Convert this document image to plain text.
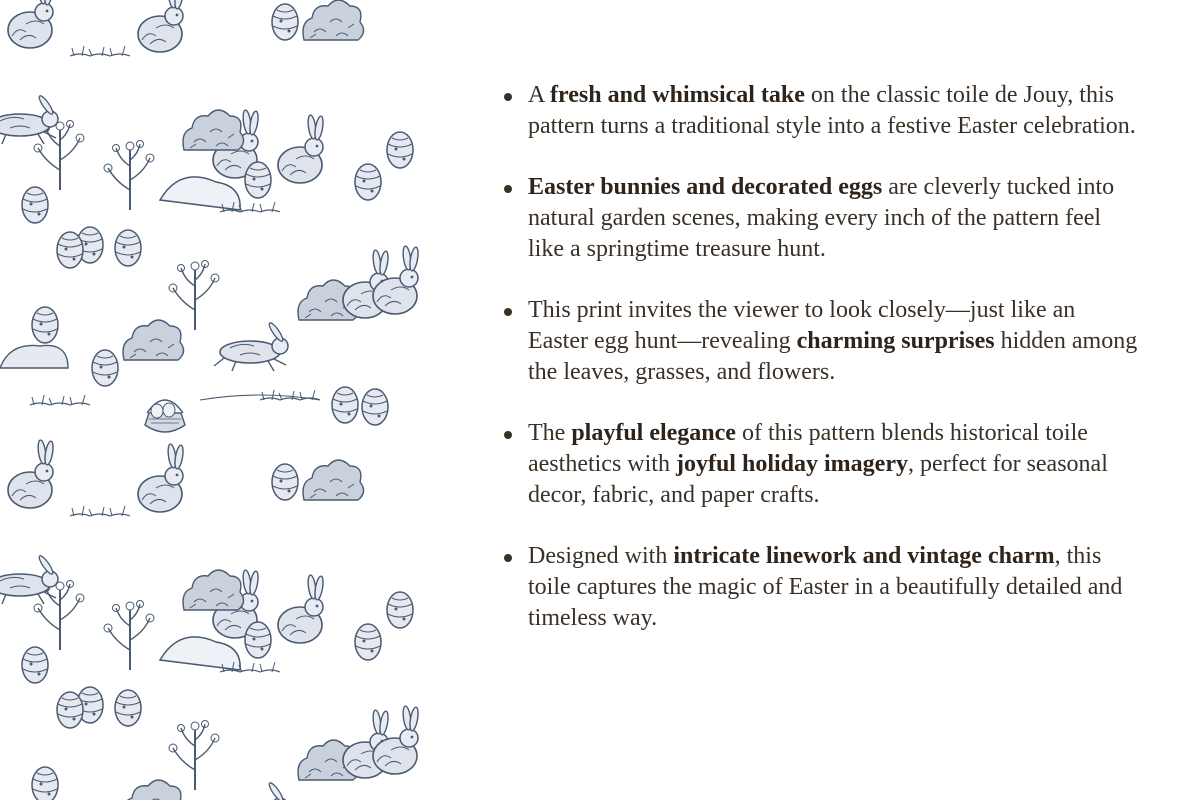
A fresh and whimsical take on the classic toile de Jouy, this pattern turns a traditional style into a festive Easter celebration.
Easter bunnies and decorated eggs are cleverly tucked into natural garden scenes, making every inch of the pattern feel like a springtime treasure hunt.
This print invites the viewer to look closely—just like an Easter egg hunt—revealing charming surprises hidden among the leaves, grasses, and flowers.
The playful elegance of this pattern blends historical toile aesthetics with joyful holiday imagery, perfect for seasonal decor, fabric, and paper crafts.
Designed with intricate linework and vintage charm, this toile captures the magic of Easter in a beautifully detailed and timeless way.
